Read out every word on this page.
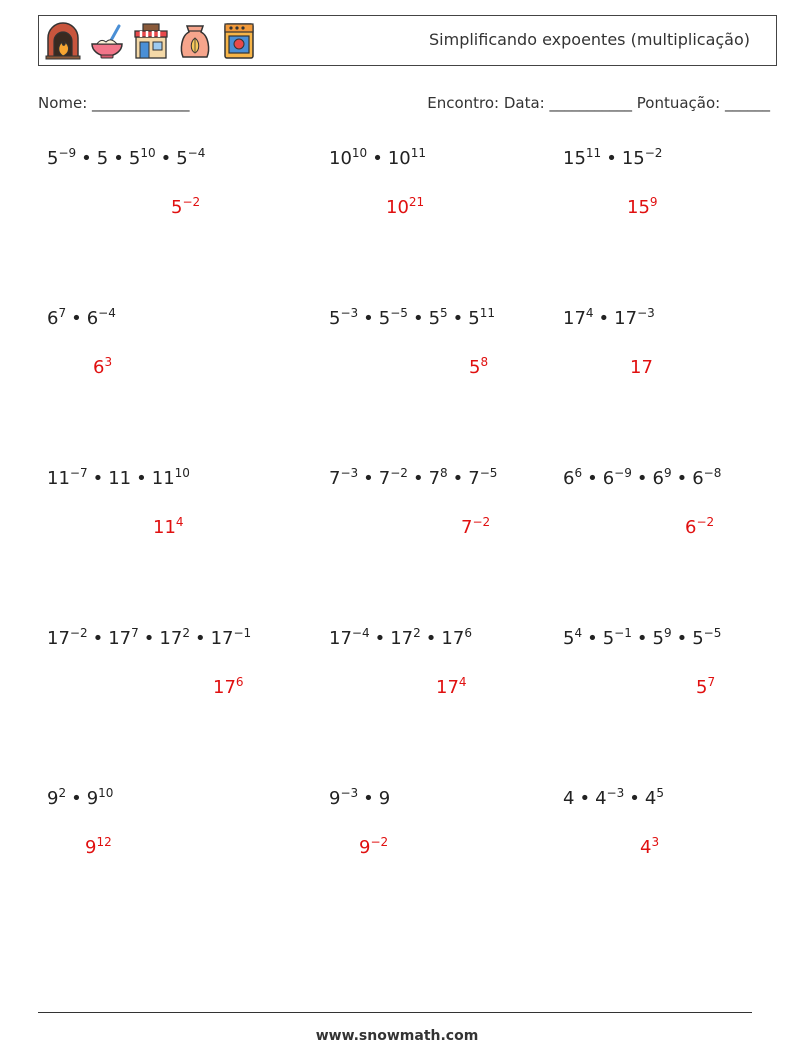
Simplificando expoentes (multiplicação)
Nome: _____________	Encontro: Data: ___________ Pontuação: ______
$5^{-9}$ • 5 • $5^{10}$ • $5^{-4}$

$5^{-2}$
$10^{10}$ • $10^{11}$

$10^{21}$
$15^{11}$ • $15^{-2}$

$15^9$
$6^7$ • $6^{-4}$

$6^3$
$5^{-3}$ • $5^{-5}$ • $5^5$ • $5^{11}$

$5^8$
$17^4$ • $17^{-3}$

17
$11^{-7}$ • 11 • $11^{10}$

$11^4$
$7^{-3}$ • $7^{-2}$ • $7^8$ • $7^{-5}$

$7^{-2}$
$6^6$ • $6^{-9}$ • $6^9$ • $6^{-8}$

$6^{-2}$
$17^{-2}$ • $17^7$ • $17^2$ • $17^{-1}$

$17^6$
$17^{-4}$ • $17^2$ • $17^6$

$17^4$
$5^4$ • $5^{-1}$ • $5^9$ • $5^{-5}$

$5^7$
$9^2$ • $9^{10}$

$9^{12}$
$9^{-3}$ • 9

$9^{-2}$
4 • $4^{-3}$ • $4^5$

$4^3$
www.snowmath.com
